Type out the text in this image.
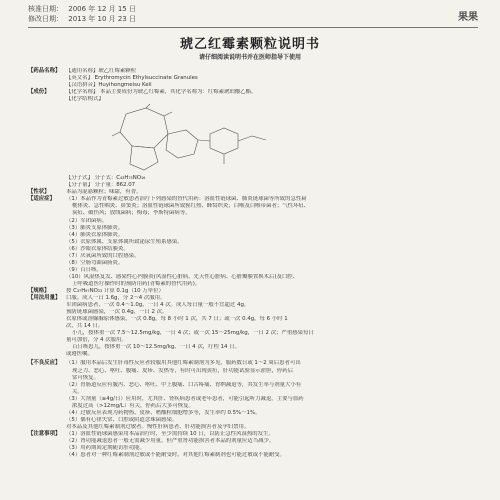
核准日期： 2006 年 12 月 15 日
修改日期： 2013 年 10 月 23 日	果果
琥乙红霉素颗粒说明书
请仔细阅读说明书并在医师指导下使用
【药品名称】	【通用名称】琥乙红霉素颗粒
【英文名】 Erythromycin Ethylsuccinate Granules
【汉语拼音】Huyihongmeisu Keli
【成份】	【化学名称】 本品主要成份为琥乙红霉素，其化学名称为：红霉素琥珀酸乙酯。
【化学结构式】
【分子式】 分子式：C₄₃H₇₅NO₁₆
【分子量】 分子量：862.07
【性状】	本品为混悬颗粒；味甜，有香。
【适应症】	（1）本品作为青霉素过敏患者治疗下列感染的替代用药：溶血性链球菌、肺炎链球菌等所致的急性扁
桃体炎、急性咽炎、鼻窦炎；溶血性链球菌所致猩红热、蜂窝织炎；白喉及白喉带菌者；气性坏疽、
炭疽、破伤风；放线菌病；梅毒；李斯特菌病等。
（2）军团菌病。
（3）肺炎支原体肺炎。
（4）肺炎衣原体肺炎。
（5）衣原体属、支原体属所致泌尿生殖系感染。
（6）沙眼衣原体结膜炎。
（7）厌氧菌所致的口腔感染。
（8）空肠弯曲菌肠炎。
（9）百日咳。
（10）风湿热复发、感染性心内膜炎(风湿性心脏病、先天性心脏病、心脏瓣膜置换术后)及口腔、
上呼吸道医疗操作时的预防用药(青霉素的替代用药)。
【规格】	按 C₃₇H₆₇NO₁₃ 计算 0.1g（10 万单位）
【用法用量】	口服。成人一日 1.6g，分 2～4 次服用。
军团菌病患者，一次 0.4～1.0g，一日 4 次。成人每日量一般不宜超过 4g。
预防链球菌感染，一次 0.4g，一日 2 次。
衣原体或溶脲脲原体感染，一次 0.8g，每 8 小时 1 次，共 7 日；或一次 0.4g，每 6 小时 1
次，共 14 日。
小儿，按体重一次 7.5～12.5mg/kg，一日 4 次；或一次 15～25mg/kg，一日 2 次；严重感染每日
量可加倍，分 4 次服用。
百日咳患儿，按体重一次 10～12.5mg/kg，一日 4 次，疗程 14 日。
或遵医嘱。
【不良反应】	（1）服用本品后发生肝毒性反应者较服用其他红霉素制剂为多见，服药数日或 1～2 周后患者可出
现乏力、恶心、呕吐、腹痛、皮疹、发热等，有时可出现黄疸，肝功能试验显示淤胆，停药后
常可恢复。
（2）胃肠道反应有腹泻、恶心、呕吐、中上腹痛、口舌疼痛、胃纳减退等，其发生率与剂量大小有
关。
（3）大剂量（≥4g/日）应用时，尤其肝、肾疾病患者或老年患者，可能引起听力减退，主要与血药
浓度过高（>12mg/L）有关，停药后大多可恢复。
（4）过敏反应表现为药物热、皮疹、嗜酸粒细胞增多等，发生率约 0.5%～1%。
（5）偶有心律失常、口腔或阴道念珠菌感染。
对本品及其他红霉素制剂过敏者。慢性肝病患者、肝功能损害者及孕妇禁用。
【注意事项】	（1）溶血性链球菌感染用本品治疗时，至少需持续 10 日，以防止急性风湿热的发生。
（2）肾功能减退患者一般无需减少用量，但严重肾功能损害者本品的剂量应适当减少。
（3）用药期间定期随访肝功能。
（4）患者对一种红霉素制剂过敏或不能耐受时，对其他红霉素制剂也可能过敏或不能耐受。
